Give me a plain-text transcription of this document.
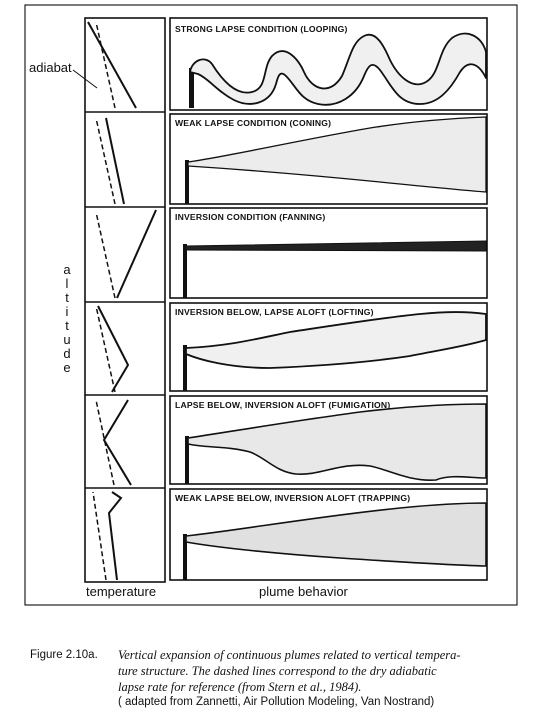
STRONG LAPSE CONDITION (LOOPING)
WEAK LAPSE CONDITION (CONING)
INVERSION CONDITION (FANNING)
INVERSION BELOW, LAPSE ALOFT (LOFTING)
LAPSE BELOW, INVERSION ALOFT (FUMIGATION)
WEAK LAPSE BELOW, INVERSION ALOFT (TRAPPING)
adiabat
a
l
t
i
t
u
d
e
temperature	plume behavior
Figure 2.10a. Vertical expansion of continuous plumes related to vertical tempera-
ture structure. The dashed lines correspond to the dry adiabatic
lapse rate for reference (from Stern et al., 1984).
( adapted from Zannetti, Air Pollution Modeling, Van Nostrand)
